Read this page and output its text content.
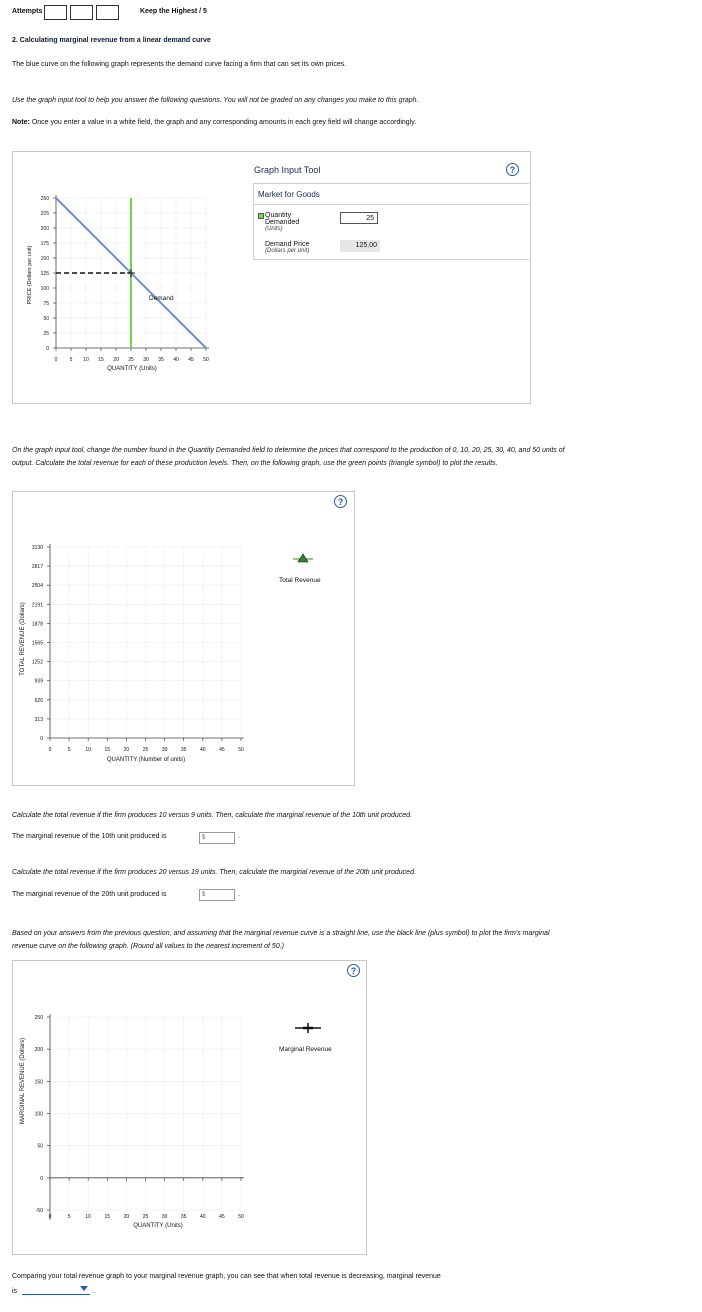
Attempts	Keep the Highest / 5
2. Calculating marginal revenue from a linear demand curve
The blue curve on the following graph represents the demand curve facing a firm that can set its own prices.
Use the graph input tool to help you answer the following questions. You will not be graded on any changes you make to this graph.
Note: Once you enter a value in a white field, the graph and any corresponding amounts in each grey field will change accordingly.
0
25
50
75
100
125
150
175
200
225
250
0 5 10 15 20 25 30 35 40 45 50
Demand
QUANTITY (Units)
PRICE (Dollars per unit)
Graph Input Tool	?
Market for Goods
Quantity
Demanded
(Units)
25
Demand Price
(Dollars per unit)
125.00
On the graph input tool, change the number found in the Quantity Demanded field to determine the prices that correspond to the production of 0, 10, 20, 25, 30, 40, and 50 units of output. Calculate the total revenue for each of these production levels. Then, on the following graph, use the green points (triangle symbol) to plot the results.
?
0
313
626
939
1252
1565
1878
2191
2504
2817
3130
0	5	10	15	20	25	30	35	40	45	50
Total Revenue
QUANTITY (Number of units)
TOTAL REVENUE (Dollars)
Calculate the total revenue if the firm produces 10 versus 9 units. Then, calculate the marginal revenue of the 10th unit produced.
The marginal revenue of the 10th unit produced is	$	.
Calculate the total revenue if the firm produces 20 versus 19 units. Then, calculate the marginal revenue of the 20th unit produced.
The marginal revenue of the 20th unit produced is	$	.
Based on your answers from the previous question, and assuming that the marginal revenue curve is a straight line, use the black line (plus symbol) to plot the firm's marginal revenue curve on the following graph. (Round all values to the nearest increment of 50.)
?
-50
0
50
100
150
200
250
0	5	10	15	20	25	30	35	40	45	50
Marginal Revenue
QUANTITY (Units)
MARGINAL REVENUE (Dollars)
Comparing your total revenue graph to your marginal revenue graph, you can see that when total revenue is decreasing, marginal revenue
is	.
